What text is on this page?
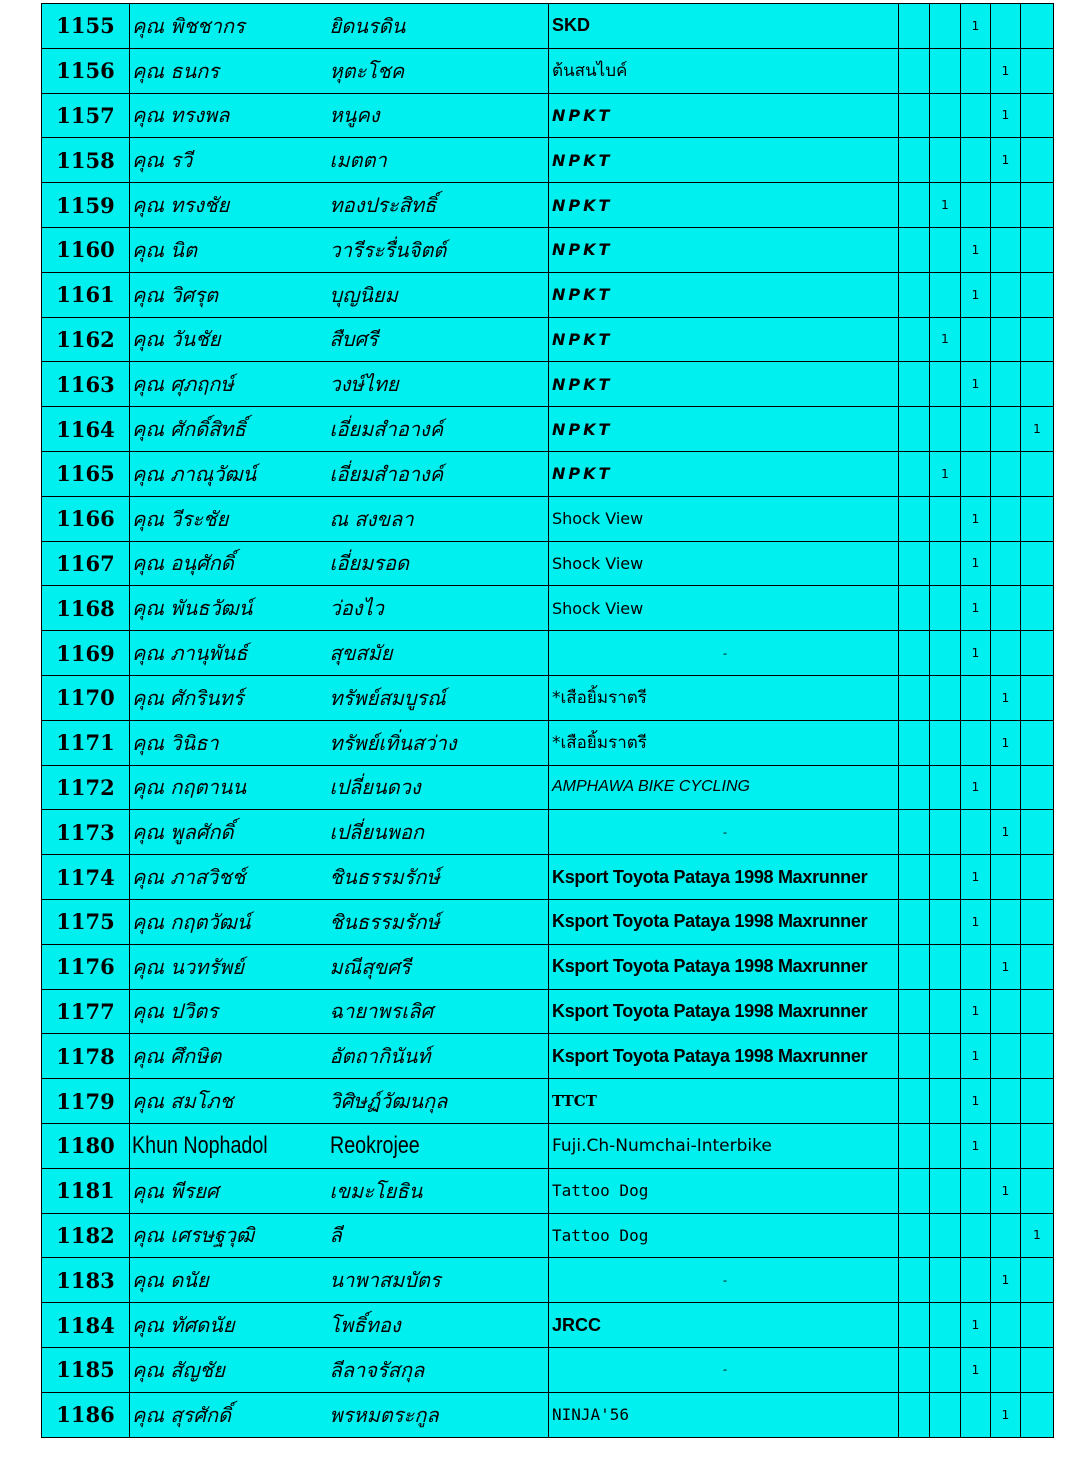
1155	คุณ พิชชากร	ยิดนรดิน	SKD			1		
1156	คุณ ธนกร	หุตะโชค	ต้นสนไบค์				1	
1157	คุณ ทรงพล	หนูคง	NPKT				1	
1158	คุณ รวี	เมตตา	NPKT				1	
1159	คุณ ทรงชัย	ทองประสิทธิ์	NPKT		1			
1160	คุณ นิต	วารีระรื่นจิตต์	NPKT			1		
1161	คุณ วิศรุต	บุญนิยม	NPKT			1		
1162	คุณ วันชัย	สืบศรี	NPKT		1			
1163	คุณ ศุภฤกษ์	วงษ์ไทย	NPKT			1		
1164	คุณ ศักดิ์สิทธิ์	เอี่ยมสำอางค์	NPKT					1
1165	คุณ ภาณุวัฒน์	เอี่ยมสำอางค์	NPKT		1			
1166	คุณ วีระชัย	ณ สงขลา	Shock View			1		
1167	คุณ อนุศักดิ์	เอี่ยมรอด	Shock View			1		
1168	คุณ พันธวัฒน์	ว่องไว	Shock View			1		
1169	คุณ ภานุพันธ์	สุขสมัย	-			1		
1170	คุณ ศักรินทร์	ทรัพย์สมบูรณ์	*เสือยิ้มราตรี				1	
1171	คุณ วินิธา	ทรัพย์เทิ่นสว่าง	*เสือยิ้มราตรี				1	
1172	คุณ กฤตานน	เปลี่ยนดวง	AMPHAWA BIKE CYCLING			1		
1173	คุณ พูลศักดิ์	เปลี่ยนพอก	-				1	
1174	คุณ ภาสวิชช์	ชินธรรมรักษ์	Ksport Toyota Pataya 1998 Maxrunner			1		
1175	คุณ กฤตวัฒน์	ชินธรรมรักษ์	Ksport Toyota Pataya 1998 Maxrunner			1		
1176	คุณ นวทรัพย์	มณีสุขศรี	Ksport Toyota Pataya 1998 Maxrunner				1	
1177	คุณ ปวิตร	ฉายาพรเลิศ	Ksport Toyota Pataya 1998 Maxrunner			1		
1178	คุณ ศึกษิต	อัตถากินันท์	Ksport Toyota Pataya 1998 Maxrunner			1		
1179	คุณ สมโภช	วิศิษฏ์วัฒนกุล	TTCT			1		
1180	Khun Nophadol	Reokrojee	Fuji.Ch-Numchai-Interbike			1		
1181	คุณ พีรยศ	เขมะโยธิน	Tattoo Dog				1	
1182	คุณ เศรษฐวุฒิ	ลี	Tattoo Dog					1
1183	คุณ ดนัย	นาพาสมบัตร	-				1	
1184	คุณ ทัศดนัย	โพธิ์ทอง	JRCC			1		
1185	คุณ สัญชัย	ลีลาจรัสกุล	-			1		
1186	คุณ สุรศักดิ์	พรหมตระกูล	NINJA'56				1	
